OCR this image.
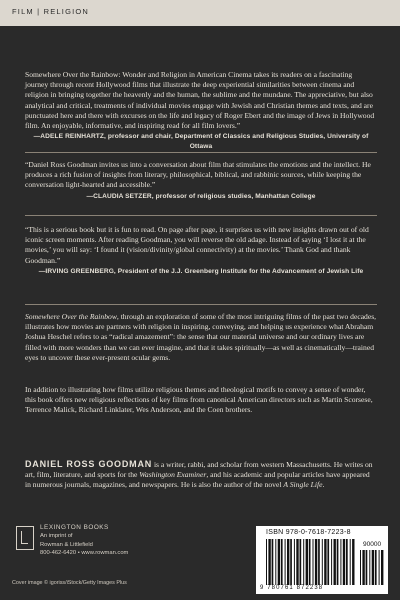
FILM | RELIGION

Somewhere Over the Rainbow: Wonder and Religion in American Cinema takes its readers on a fascinating journey through recent Hollywood films that illustrate the deep experiential similarities between cinema and religion in bringing together the heavenly and the human, the sublime and the mundane. The appreciative, but also analytical and critical, treatments of individual movies engage with Jewish and Christian themes and texts, and are punctuated here and there with excurses on the life and legacy of Roger Ebert and the image of Jews in Hollywood film. An enjoyable, informative, and inspiring read for all film lovers.”

—ADELE REINHARTZ, professor and chair, Department of Classics and Religious Studies, University of Ottawa

“Daniel Ross Goodman invites us into a conversation about film that stimulates the emotions and the intellect. He produces a rich fusion of insights from literary, philosophical, biblical, and rabbinic sources, while keeping the conversation light-hearted and accessible.”

—CLAUDIA SETZER, professor of religious studies, Manhattan College

“This is a serious book but it is fun to read. On page after page, it surprises us with new insights drawn out of old iconic screen moments. After reading Goodman, you will reverse the old adage. Instead of saying ‘I lost it at the movies,’ you will say: ‘I found it (vision/divinity/global connectivity) at the movies.’ Thank God and thank Goodman.”

—IRVING GREENBERG, President of the J.J. Greenberg Institute for the Advancement of Jewish Life
Somewhere Over the Rainbow, through an exploration of some of the most intriguing films of the past two decades, illustrates how movies are partners with religion in inspiring, conveying, and helping us experience what Abraham Joshua Heschel refers to as “radical amazement”: the sense that our material universe and our ordinary lives are filled with more wonders than we can ever imagine, and that it takes spiritually—as well as cinematically—trained eyes to uncover these ever-present ocular gems.
In addition to illustrating how films utilize religious themes and theological motifs to convey a sense of wonder, this book offers new religious reflections of key films from canonical American directors such as Martin Scorsese, Terrence Malick, Richard Linklater, Wes Anderson, and the Coen brothers.
DANIEL ROSS GOODMAN is a writer, rabbi, and scholar from western Massachusetts. He writes on art, film, literature, and sports for the Washington Examiner, and his academic and popular articles have appeared in numerous journals, magazines, and newspapers. He is also the author of the novel A Single Life.
LEXINGTON BOOKS
An imprint of
Rowman & Littlefield
800-462-6420 • www.rowman.com
Cover image © igoriss/iStock/Getty Images Plus
ISBN 978-0-7618-7223-8
90000
9 780761 872238
